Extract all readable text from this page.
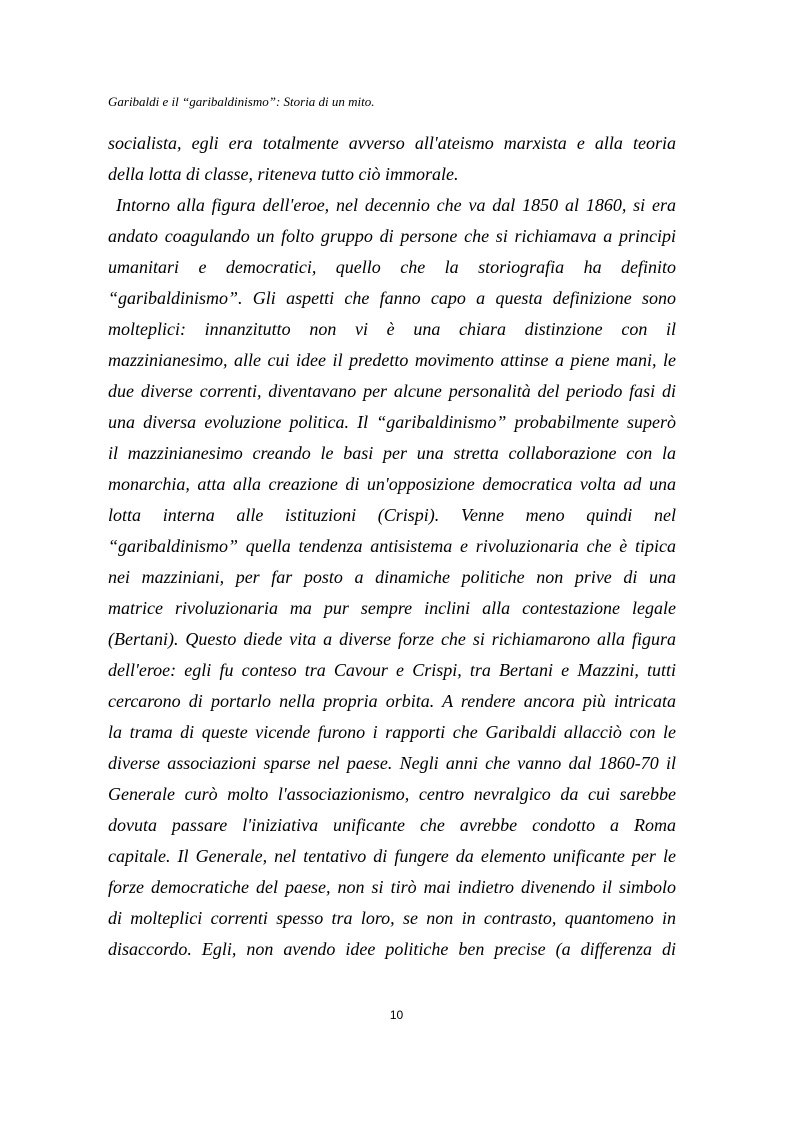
Garibaldi e il “garibaldinismo”: Storia di un mito.
socialista, egli era totalmente avverso all'ateismo marxista e alla teoria
della lotta di classe, riteneva tutto ciò immorale.
Intorno alla figura dell'eroe, nel decennio che va dal 1850 al 1860, si era
andato coagulando un folto gruppo di persone che si richiamava a principi
umanitari e democratici, quello che la storiografia ha definito
“garibaldinismo”. Gli aspetti che fanno capo a questa definizione sono
molteplici: innanzitutto non vi è una chiara distinzione con il
mazzinianesimo, alle cui idee il predetto movimento attinse a piene mani, le
due diverse correnti, diventavano per alcune personalità del periodo fasi di
una diversa evoluzione politica. Il “garibaldinismo” probabilmente superò
il mazzinianesimo creando le basi per una stretta collaborazione con la
monarchia, atta alla creazione di un'opposizione democratica volta ad una
lotta interna alle istituzioni (Crispi). Venne meno quindi nel
“garibaldinismo” quella tendenza antisistema e rivoluzionaria che è tipica
nei mazziniani, per far posto a dinamiche politiche non prive di una
matrice rivoluzionaria ma pur sempre inclini alla contestazione legale
(Bertani). Questo diede vita a diverse forze che si richiamarono alla figura
dell'eroe: egli fu conteso tra Cavour e Crispi, tra Bertani e Mazzini, tutti
cercarono di portarlo nella propria orbita. A rendere ancora più intricata
la trama di queste vicende furono i rapporti che Garibaldi allacciò con le
diverse associazioni sparse nel paese. Negli anni che vanno dal 1860-70 il
Generale curò molto l'associazionismo, centro nevralgico da cui sarebbe
dovuta passare l'iniziativa unificante che avrebbe condotto a Roma
capitale. Il Generale, nel tentativo di fungere da elemento unificante per le
forze democratiche del paese, non si tirò mai indietro divenendo il simbolo
di molteplici correnti spesso tra loro, se non in contrasto, quantomeno in
disaccordo. Egli, non avendo idee politiche ben precise (a differenza di
10
